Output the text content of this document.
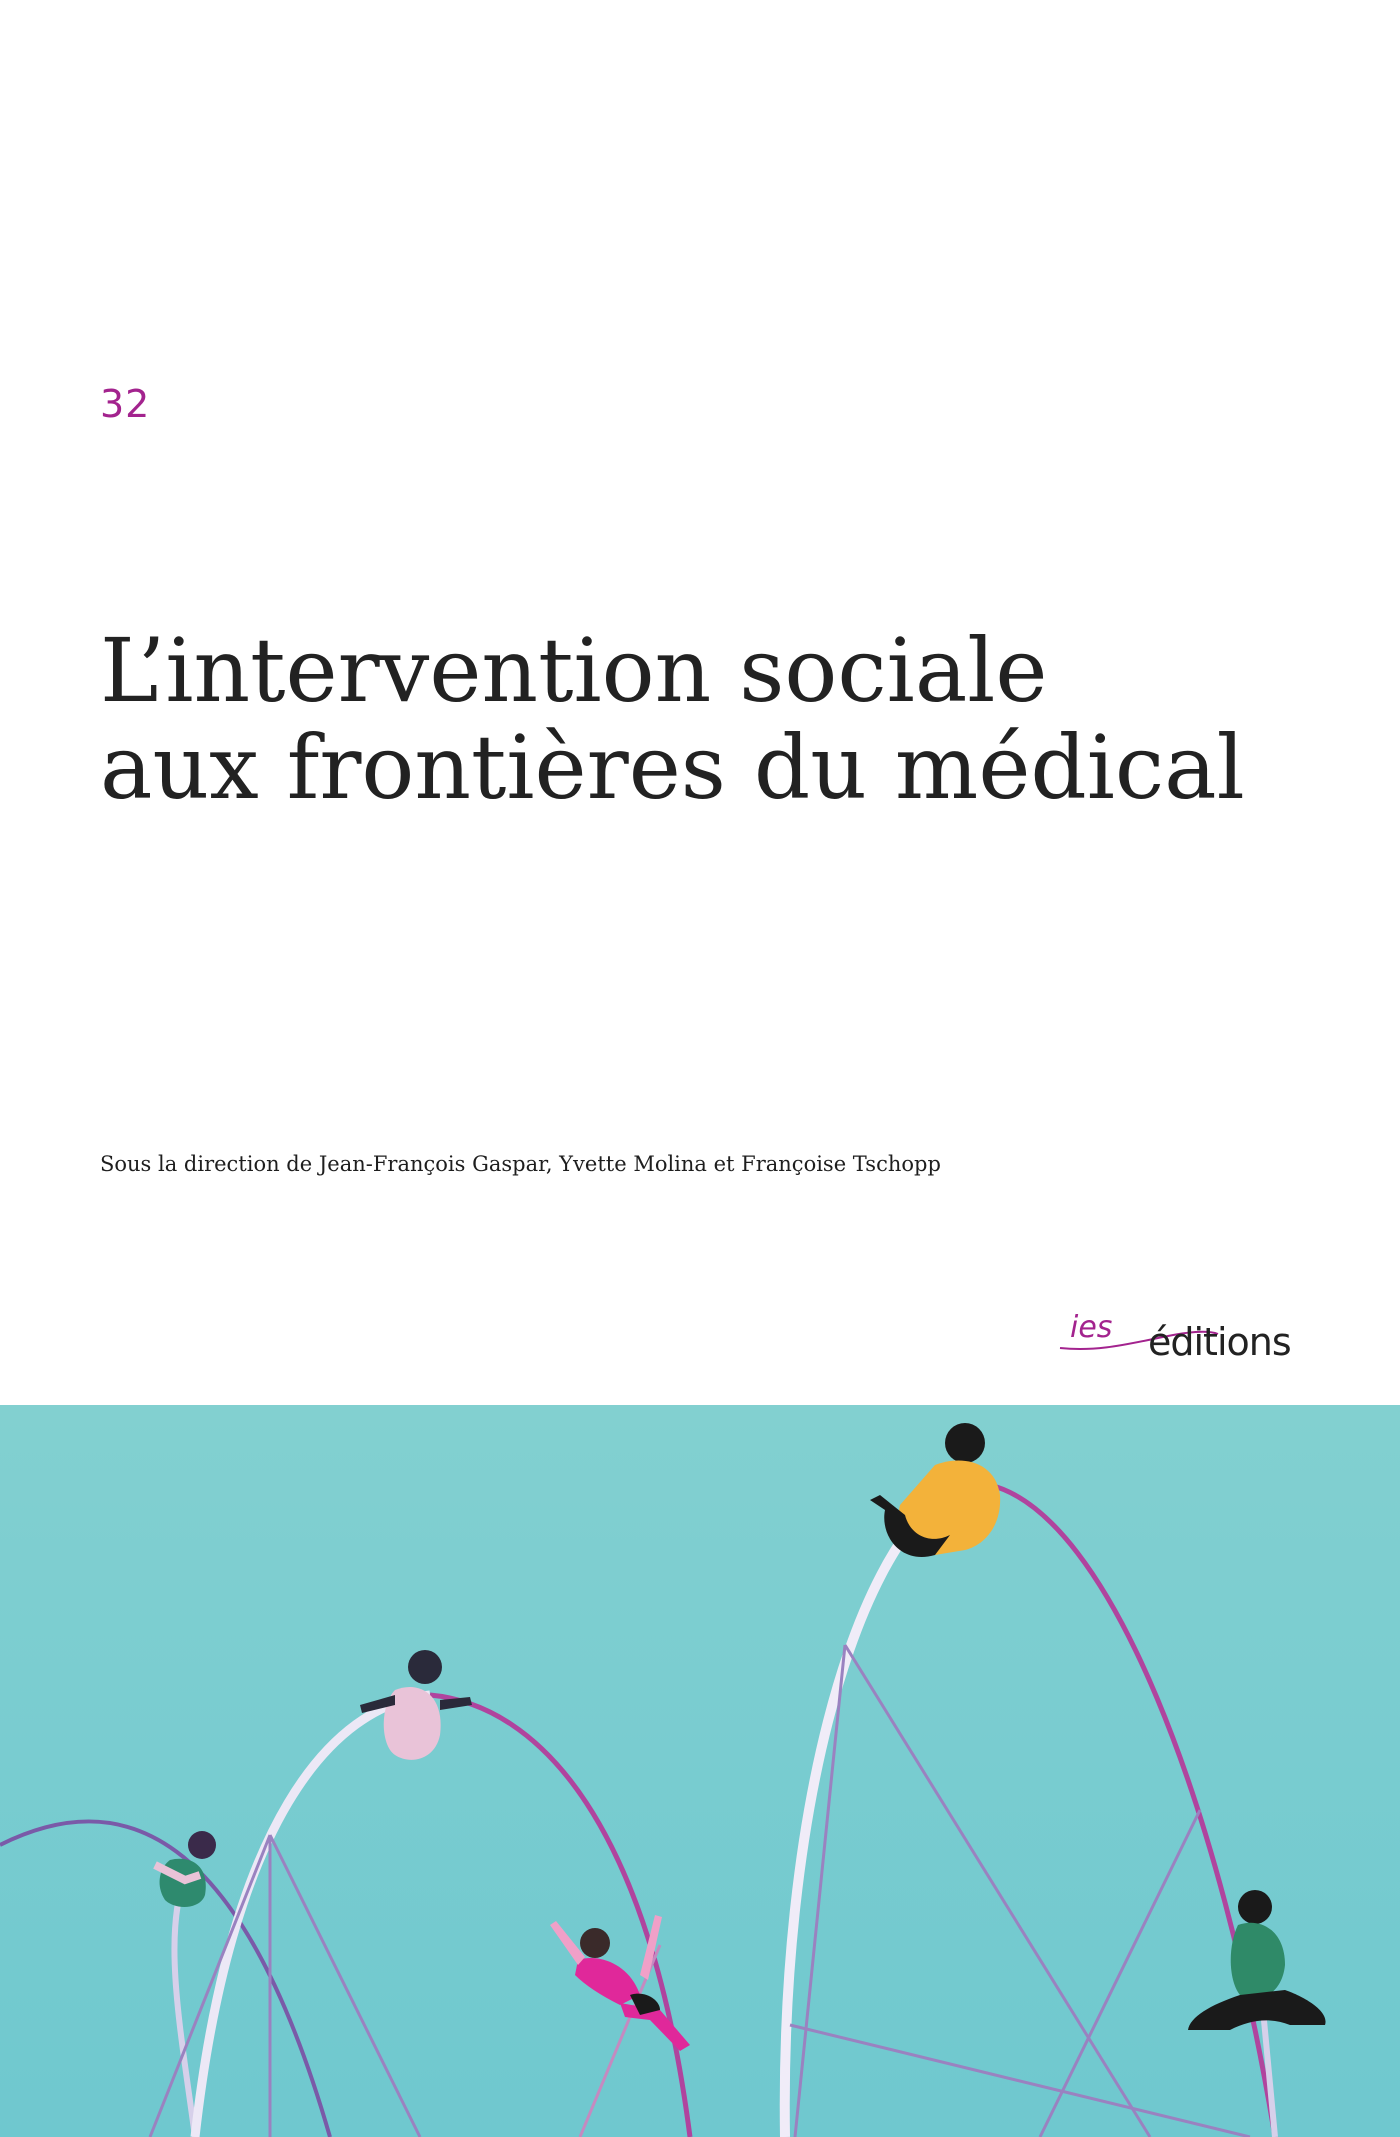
32
L’intervention sociale
aux frontières du médical
Sous la direction de Jean-François Gaspar, Yvette Molina et Françoise Tschopp
ies éditions
